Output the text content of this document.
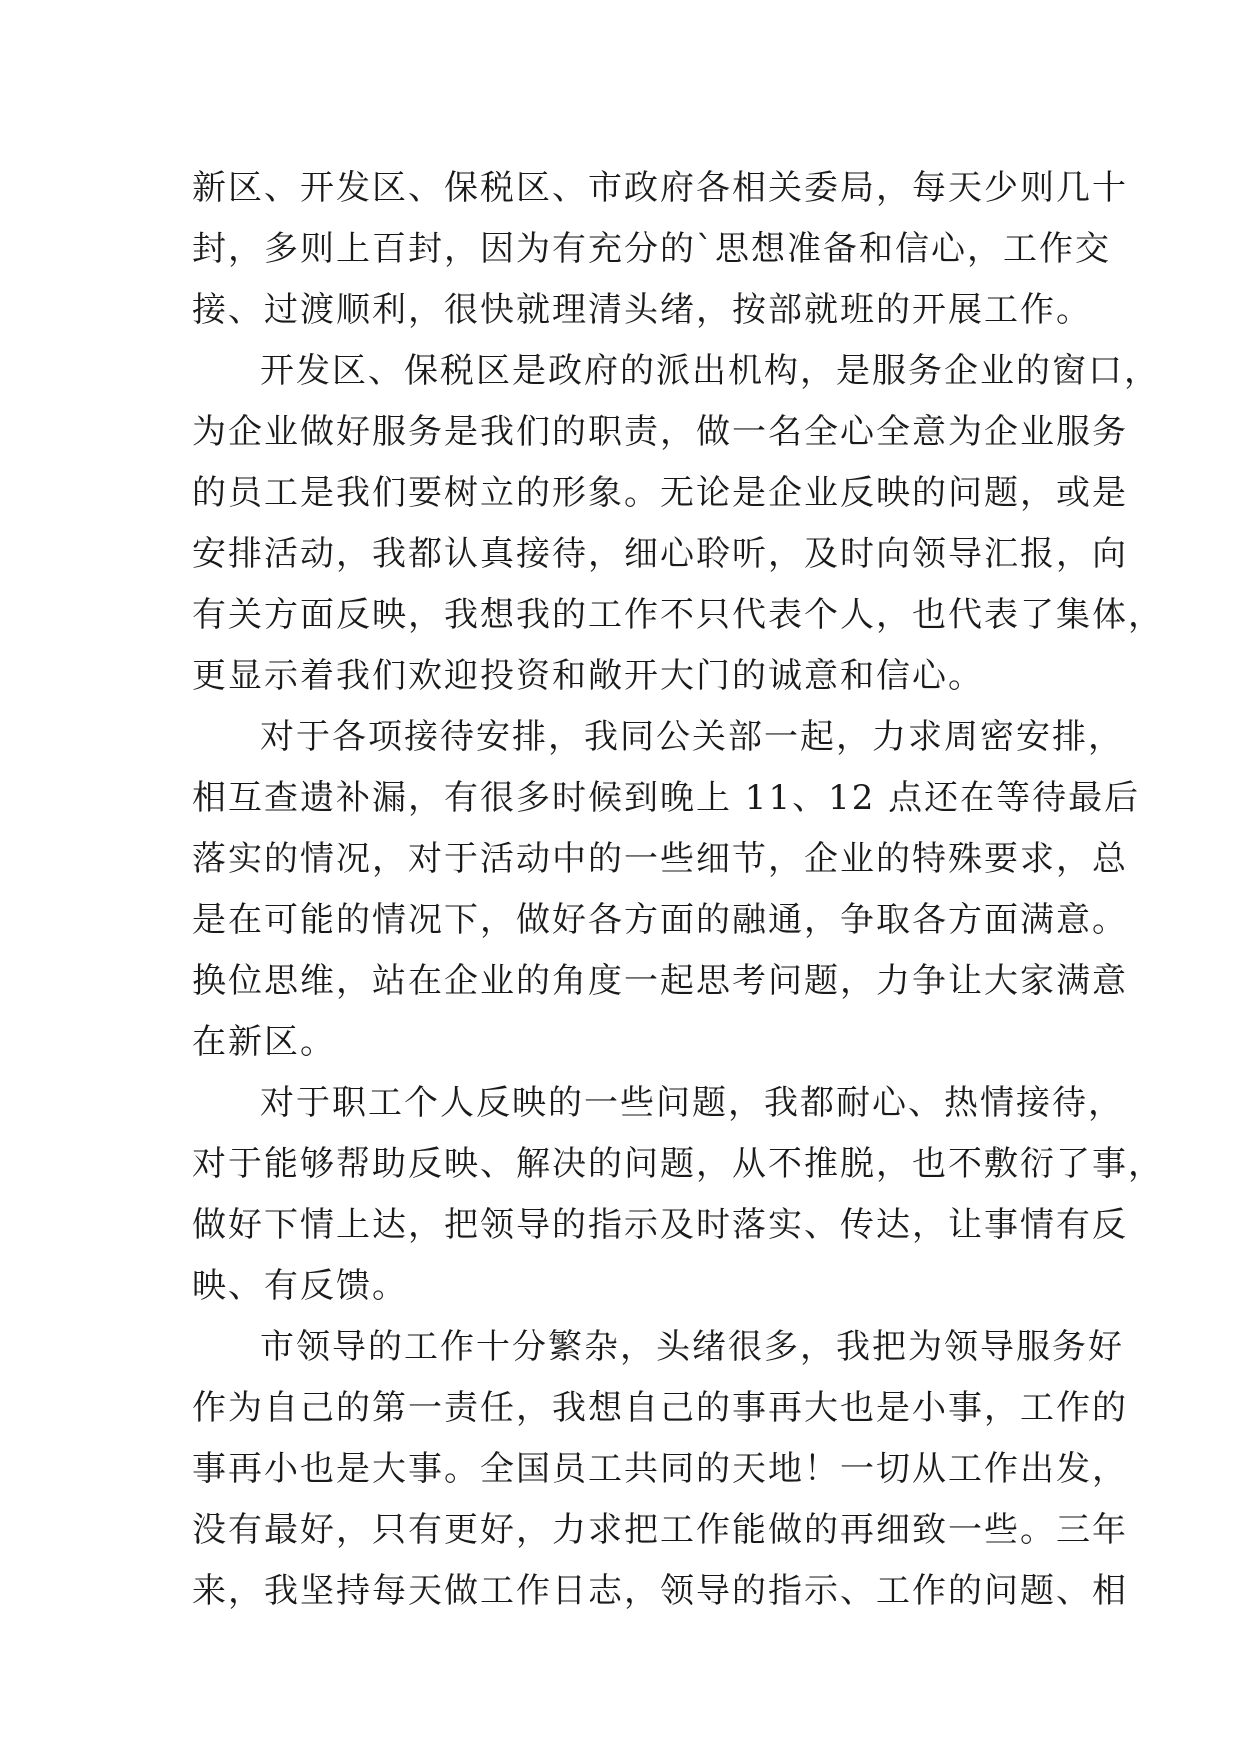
新区、开发区、保税区、市政府各相关委局，每天少则几十
封，多则上百封，因为有充分的`思想准备和信心，工作交
接、过渡顺利，很快就理清头绪，按部就班的开展工作。
开发区、保税区是政府的派出机构，是服务企业的窗口，
为企业做好服务是我们的职责，做一名全心全意为企业服务
的员工是我们要树立的形象。无论是企业反映的问题，或是
安排活动，我都认真接待，细心聆听，及时向领导汇报，向
有关方面反映，我想我的工作不只代表个人，也代表了集体，
更显示着我们欢迎投资和敞开大门的诚意和信心。
对于各项接待安排，我同公关部一起，力求周密安排，
相互查遗补漏，有很多时候到晚上 11、12 点还在等待最后
落实的情况，对于活动中的一些细节，企业的特殊要求，总
是在可能的情况下，做好各方面的融通，争取各方面满意。
换位思维，站在企业的角度一起思考问题，力争让大家满意
在新区。
对于职工个人反映的一些问题，我都耐心、热情接待，
对于能够帮助反映、解决的问题，从不推脱，也不敷衍了事，
做好下情上达，把领导的指示及时落实、传达，让事情有反
映、有反馈。
市领导的工作十分繁杂，头绪很多，我把为领导服务好
作为自己的第一责任，我想自己的事再大也是小事，工作的
事再小也是大事。全国员工共同的天地！一切从工作出发，
没有最好，只有更好，力求把工作能做的再细致一些。三年
来，我坚持每天做工作日志，领导的指示、工作的问题、相
